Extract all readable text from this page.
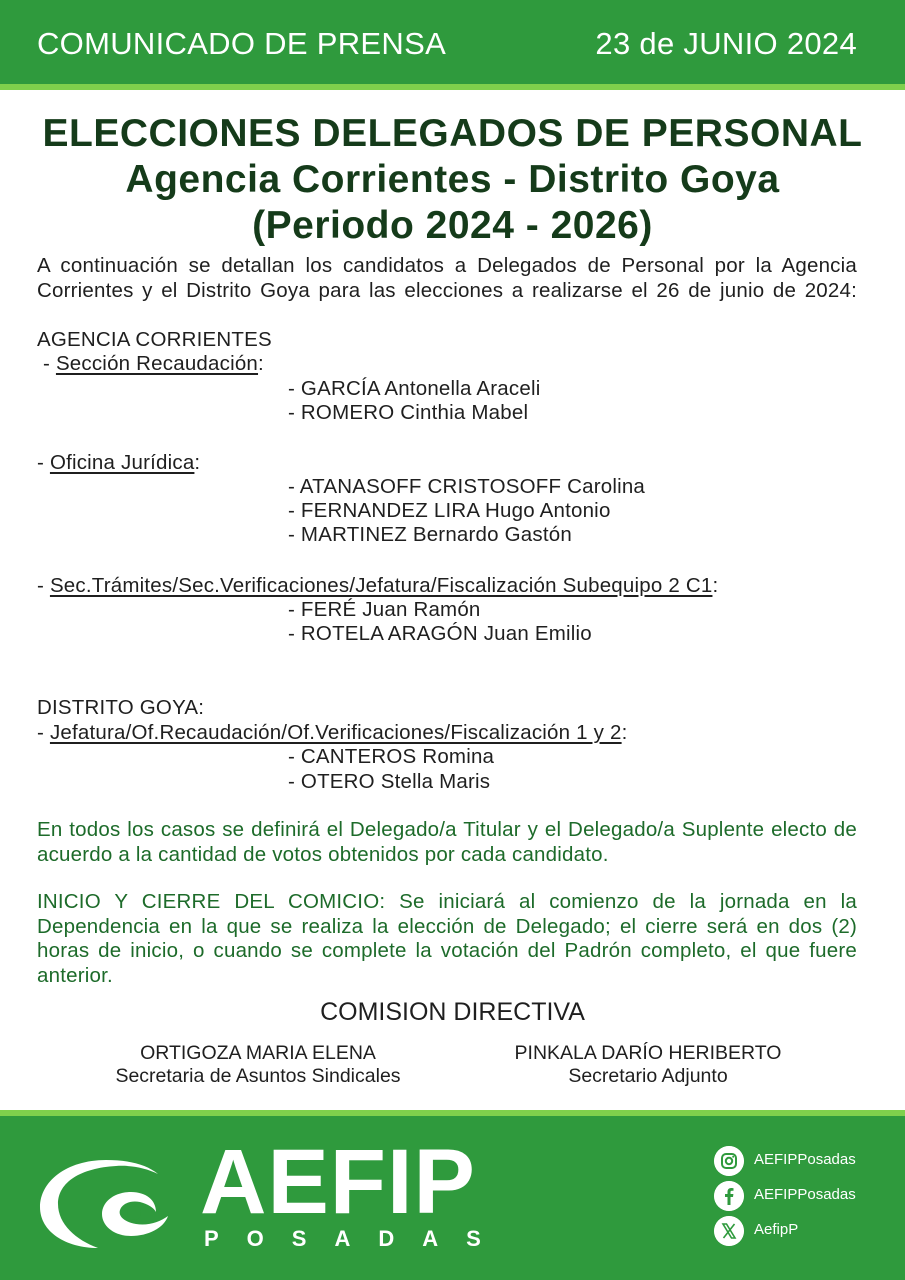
COMUNICADO DE PRENSA	23 de JUNIO 2024
ELECCIONES DELEGADOS DE PERSONAL
Agencia Corrientes - Distrito Goya
(Periodo 2024 - 2026)
A continuación se detallan los candidatos a Delegados de Personal por la Agencia
Corrientes y el Distrito Goya para las elecciones a realizarse el 26 de junio de 2024:
AGENCIA CORRIENTES
- Sección Recaudación:
- GARCÍA Antonella Araceli
- ROMERO Cinthia Mabel
- Oficina Jurídica:
- ATANASOFF CRISTOSOFF Carolina
- FERNANDEZ LIRA Hugo Antonio
- MARTINEZ Bernardo Gastón
- Sec.Trámites/Sec.Verificaciones/Jefatura/Fiscalización Subequipo 2 C1:
- FERÉ Juan Ramón
- ROTELA ARAGÓN Juan Emilio
DISTRITO GOYA:
- Jefatura/Of.Recaudación/Of.Verificaciones/Fiscalización 1 y 2:
- CANTEROS Romina
- OTERO Stella Maris
En todos los casos se definirá el Delegado/a Titular y el Delegado/a Suplente electo de acuerdo a la cantidad de votos obtenidos por cada candidato.
INICIO Y CIERRE DEL COMICIO: Se iniciará al comienzo de la jornada en la
Dependencia en la que se realiza la elección de Delegado; el cierre será en dos (2)
horas de inicio, o cuando se complete la votación del Padrón completo, el que fuere
anterior.
COMISION DIRECTIVA
ORTIGOZA MARIA ELENA
Secretaria de Asuntos Sindicales
PINKALA DARÍO HERIBERTO
Secretario Adjunto
AEFIP
POSADAS
AEFIPPosadas
AEFIPPosadas
AefipP
